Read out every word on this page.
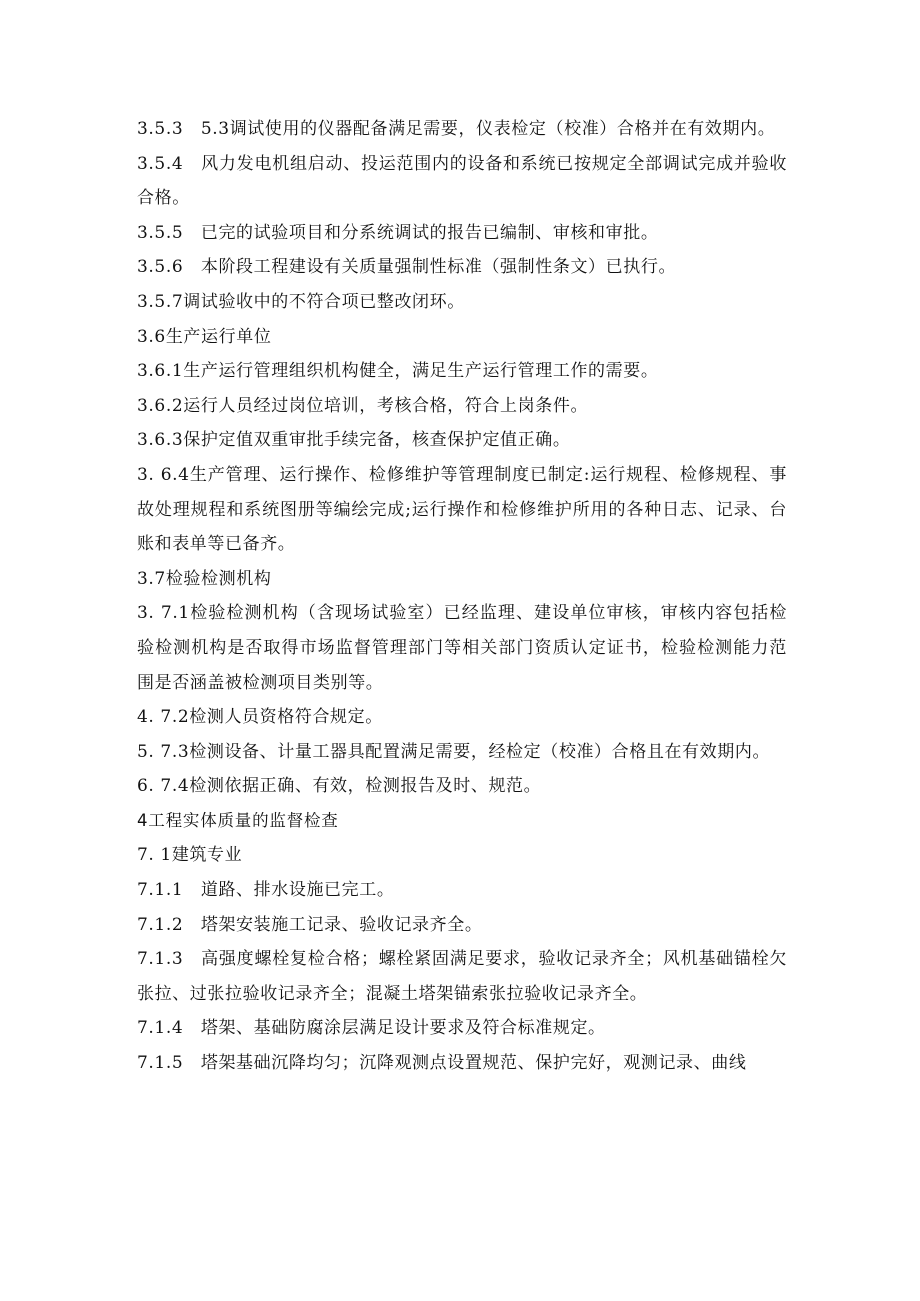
3.5.3　5.3调试使用的仪器配备满足需要，仪表检定（校准）合格并在有效期内。

3.5.4　风力发电机组启动、投运范围内的设备和系统已按规定全部调试完成并验收合格。

3.5.5　已完的试验项目和分系统调试的报告已编制、审核和审批。

3.5.6　本阶段工程建设有关质量强制性标准（强制性条文）已执行。

3.5.7调试验收中的不符合项已整改闭环。

3.6生产运行单位

3.6.1生产运行管理组织机构健全，满足生产运行管理工作的需要。

3.6.2运行人员经过岗位培训，考核合格，符合上岗条件。

3.6.3保护定值双重审批手续完备，核查保护定值正确。

3. 6.4生产管理、运行操作、检修维护等管理制度已制定:运行规程、检修规程、事故处理规程和系统图册等编绘完成;运行操作和检修维护所用的各种日志、记录、台账和表单等已备齐。

3.7检验检测机构

3. 7.1检验检测机构（含现场试验室）已经监理、建设单位审核，审核内容包括检验检测机构是否取得市场监督管理部门等相关部门资质认定证书，检验检测能力范围是否涵盖被检测项目类别等。

4. 7.2检测人员资格符合规定。

5. 7.3检测设备、计量工器具配置满足需要，经检定（校准）合格且在有效期内。

6. 7.4检测依据正确、有效，检测报告及时、规范。

4工程实体质量的监督检查

7. 1建筑专业

7.1.1　道路、排水设施已完工。

7.1.2　塔架安装施工记录、验收记录齐全。

7.1.3　高强度螺栓复检合格；螺栓紧固满足要求，验收记录齐全；风机基础锚栓欠张拉、过张拉验收记录齐全；混凝土塔架锚索张拉验收记录齐全。

7.1.4　塔架、基础防腐涂层满足设计要求及符合标准规定。

7.1.5　塔架基础沉降均匀；沉降观测点设置规范、保护完好，观测记录、曲线
